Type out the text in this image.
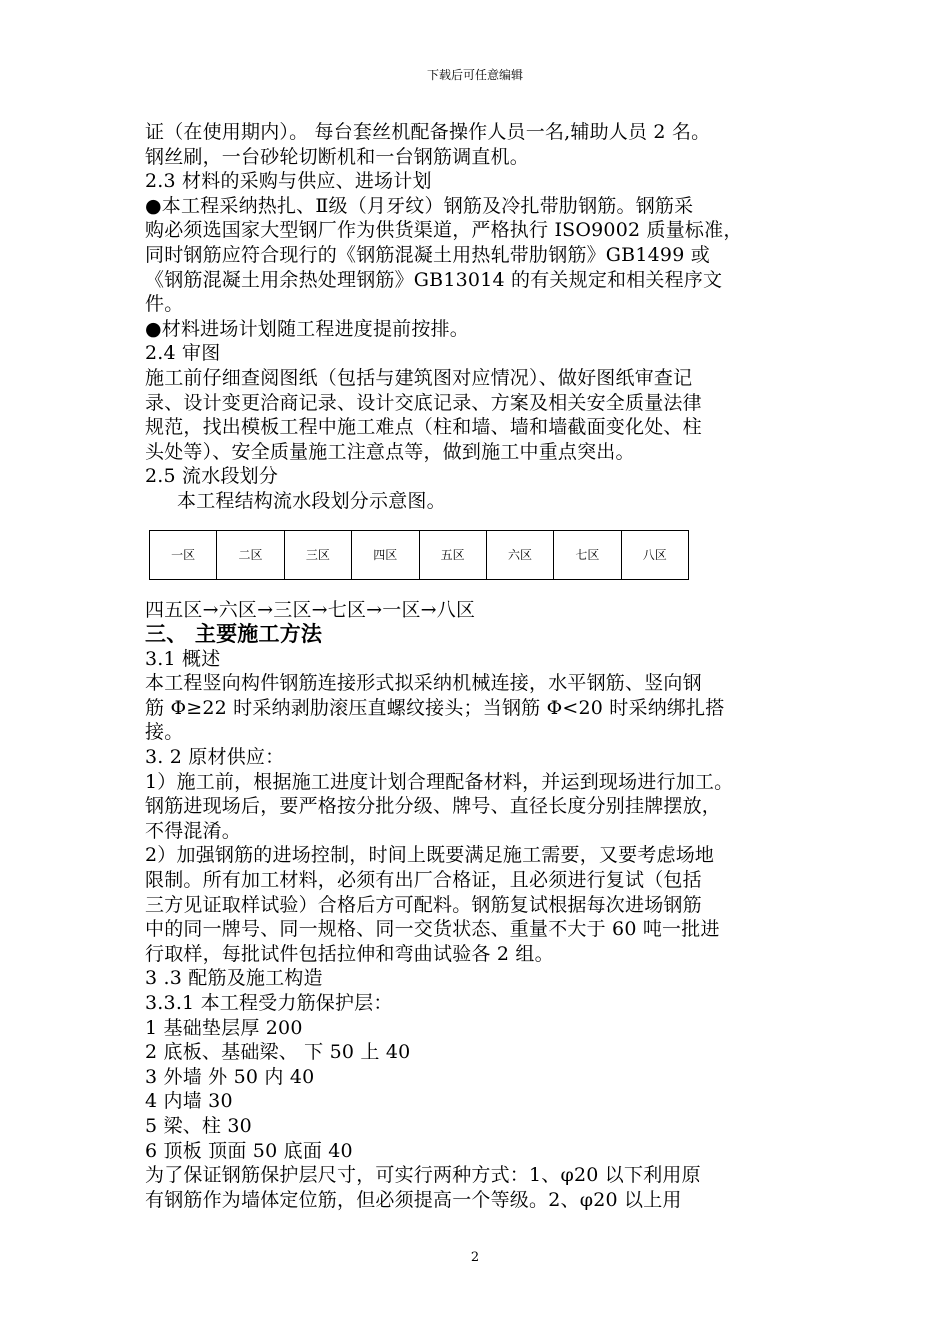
下载后可任意编辑
证（在使用期内）。 每台套丝机配备操作人员一名,辅助人员 2 名。
钢丝刷，一台砂轮切断机和一台钢筋调直机。
2.3 材料的采购与供应、进场计划
●本工程采纳热扎、Ⅱ级（月牙纹）钢筋及冷扎带肋钢筋。钢筋采
购必须选国家大型钢厂作为供货渠道，严格执行 ISO9002 质量标准，
同时钢筋应符合现行的《钢筋混凝土用热轧带肋钢筋》GB1499 或
《钢筋混凝土用余热处理钢筋》GB13014 的有关规定和相关程序文
件。
●材料进场计划随工程进度提前按排。
2.4 审图
施工前仔细查阅图纸（包括与建筑图对应情况）、做好图纸审查记
录、设计变更洽商记录、设计交底记录、方案及相关安全质量法律
规范，找出模板工程中施工难点（柱和墙、墙和墙截面变化处、柱
头处等）、安全质量施工注意点等，做到施工中重点突出。
2.5 流水段划分
本工程结构流水段划分示意图。
一区	二区	三区	四区	五区	六区	七区	八区
四五区→六区→三区→七区→一区→八区
三、 主要施工方法
3.1 概述
本工程竖向构件钢筋连接形式拟采纳机械连接，水平钢筋、竖向钢
筋 Φ≥22 时采纳剥肋滚压直螺纹接头；当钢筋 Φ<20 时采纳绑扎搭
接。
3. 2 原材供应：
1）施工前，根据施工进度计划合理配备材料，并运到现场进行加工。
钢筋进现场后，要严格按分批分级、牌号、直径长度分别挂牌摆放，
不得混淆。
2）加强钢筋的进场控制，时间上既要满足施工需要，又要考虑场地
限制。所有加工材料，必须有出厂合格证，且必须进行复试（包括
三方见证取样试验）合格后方可配料。钢筋复试根据每次进场钢筋
中的同一牌号、同一规格、同一交货状态、重量不大于 60 吨一批进
行取样，每批试件包括拉伸和弯曲试验各 2 组。
3 .3 配筋及施工构造
3.3.1 本工程受力筋保护层：
1 基础垫层厚 200
2 底板、基础梁、 下 50 上 40
3 外墙 外 50 内 40
4 内墙 30
5 梁、柱 30
6 顶板 顶面 50 底面 40
为了保证钢筋保护层尺寸，可实行两种方式：1、φ20 以下利用原
有钢筋作为墙体定位筋，但必须提高一个等级。2、φ20 以上用
2
